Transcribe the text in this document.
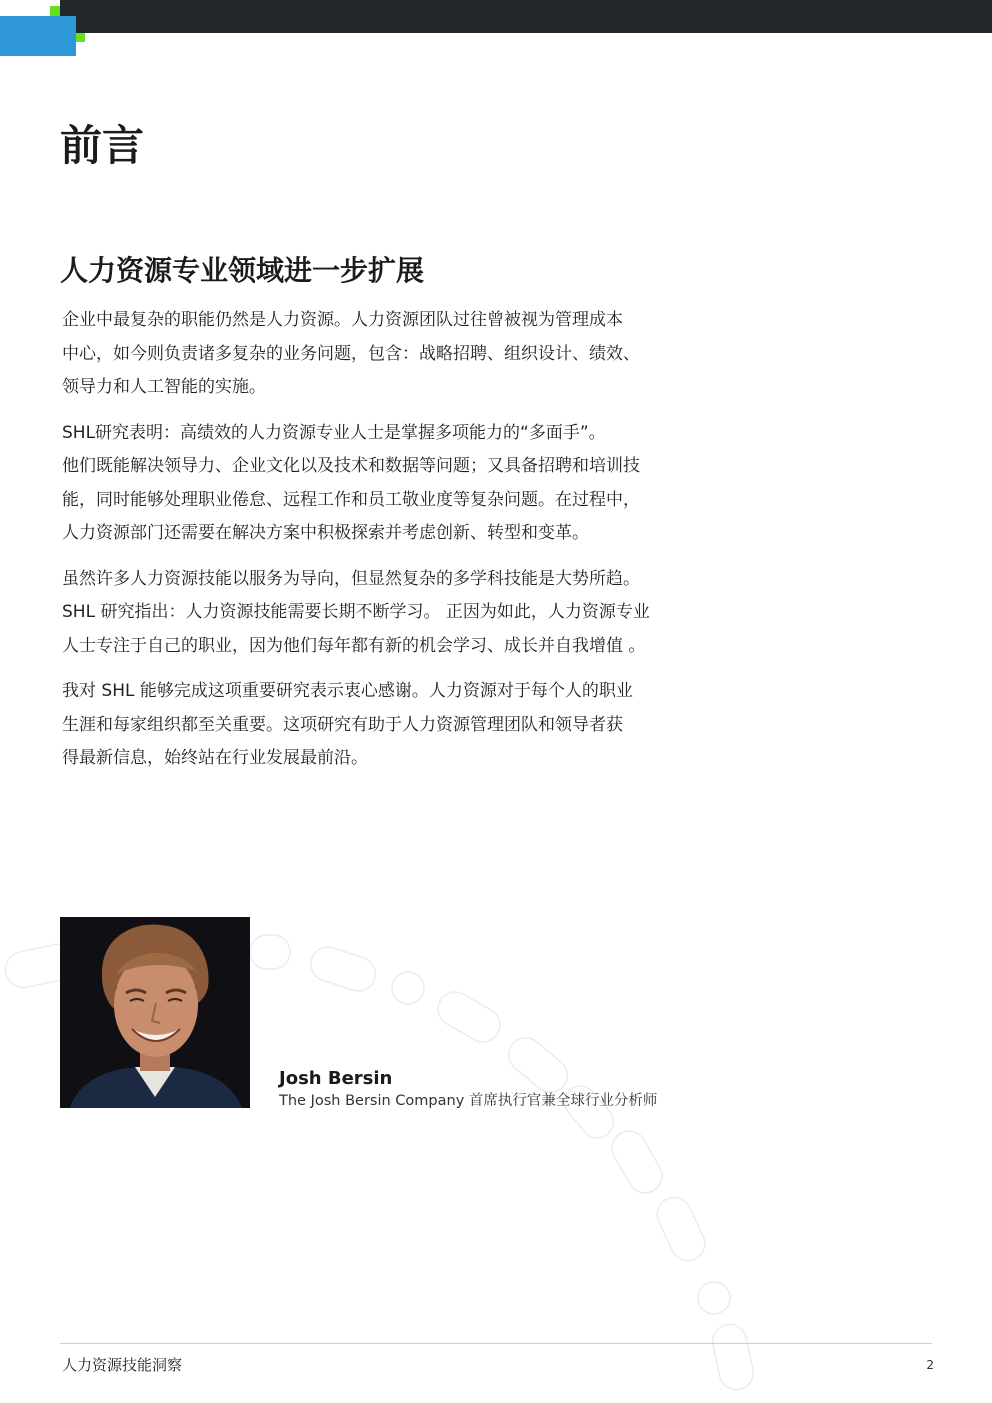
前言
人力资源专业领域进一步扩展

企业中最复杂的职能仍然是人力资源。人力资源团队过往曾被视为管理成本
中心，如今则负责诸多复杂的业务问题，包含：战略招聘、组织设计、绩效、
领导力和人工智能的实施。

SHL研究表明：高绩效的人力资源专业人士是掌握多项能力的“多面手”。
他们既能解决领导力、企业文化以及技术和数据等问题；又具备招聘和培训技
能，同时能够处理职业倦怠、远程工作和员工敬业度等复杂问题。在过程中，
人力资源部门还需要在解决方案中积极探索并考虑创新、转型和变革。

虽然许多人力资源技能以服务为导向，但显然复杂的多学科技能是大势所趋。
SHL 研究指出：人力资源技能需要长期不断学习。 正因为如此，人力资源专业
人士专注于自己的职业，因为他们每年都有新的机会学习、成长并自我增值 。

我对 SHL 能够完成这项重要研究表示衷心感谢。人力资源对于每个人的职业
生涯和每家组织都至关重要。这项研究有助于人力资源管理团队和领导者获
得最新信息，始终站在行业发展最前沿。

Josh Bersin
The Josh Bersin Company 首席执行官兼全球行业分析师
人力资源技能洞察	2
